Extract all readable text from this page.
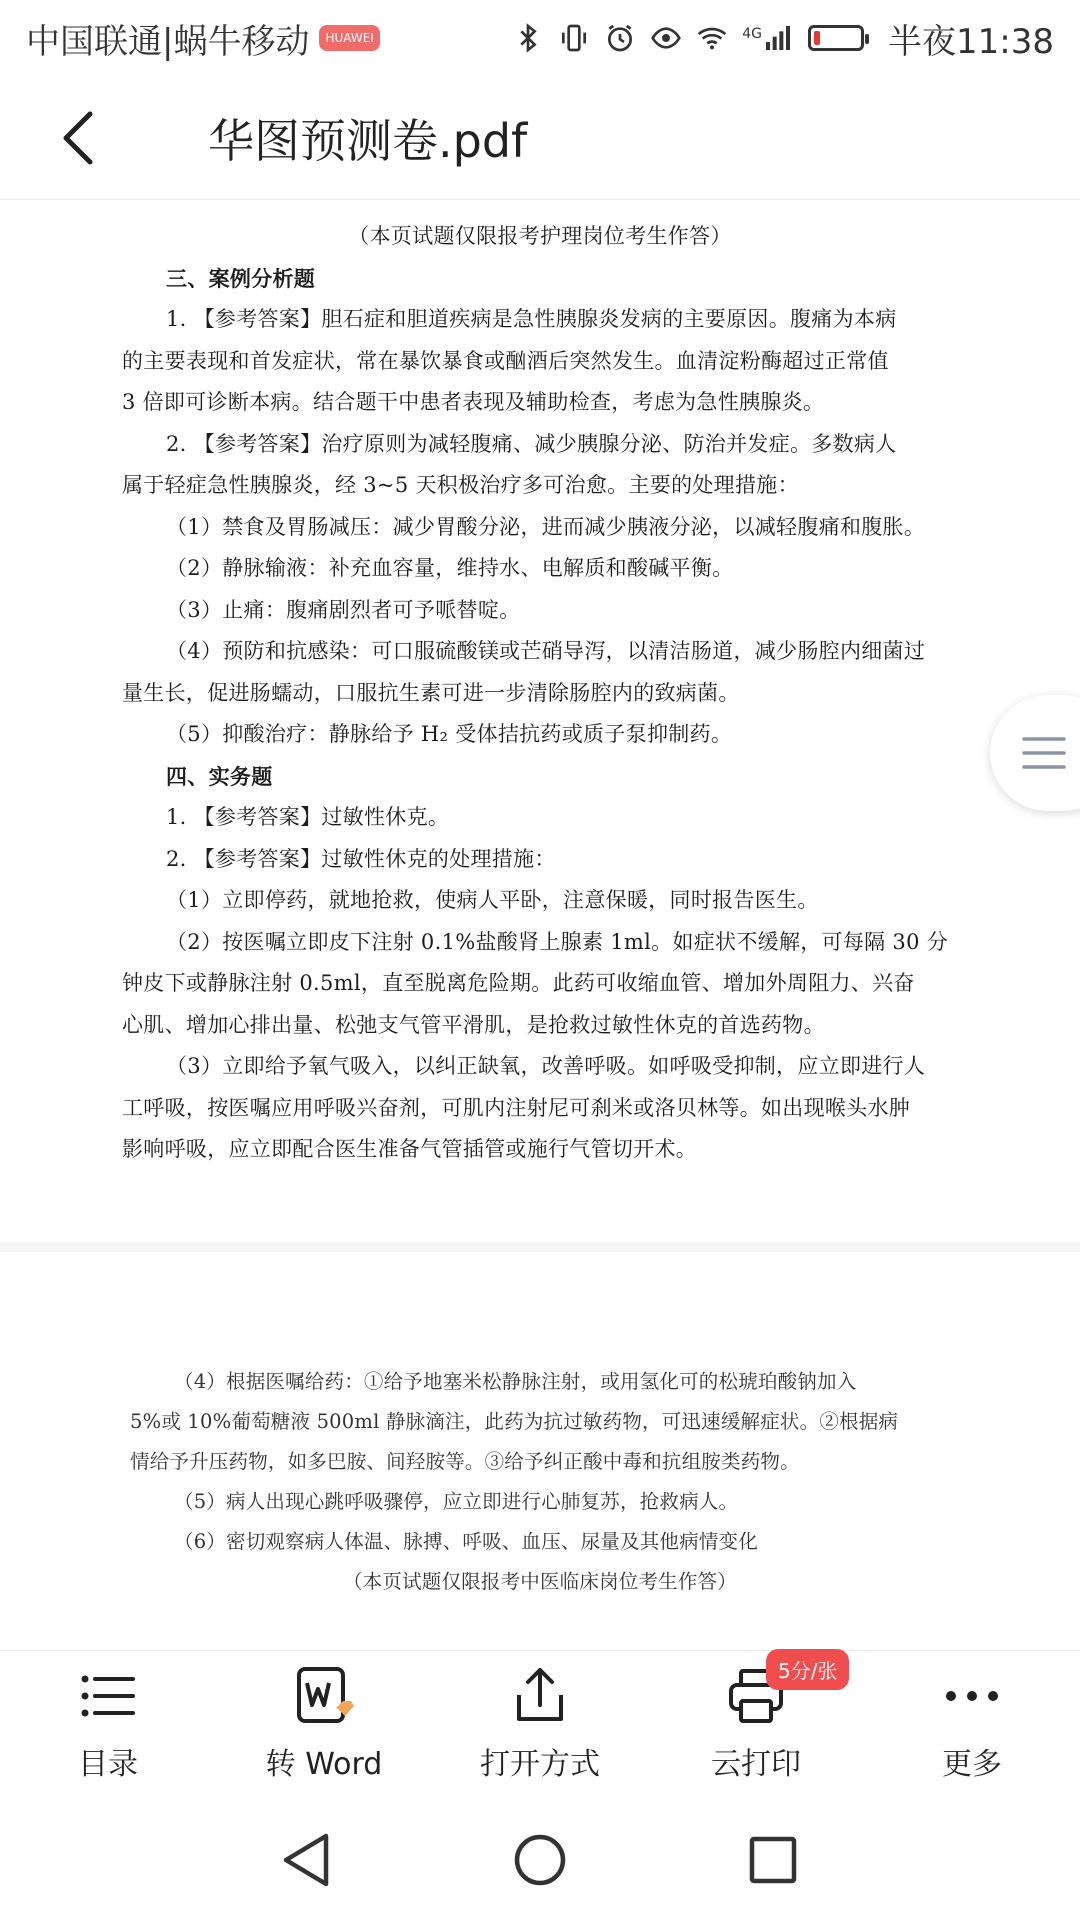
中国联通|蜗牛移动	HUAWEI	4G	半夜11:38
华图预测卷.pdf
（本页试题仅限报考护理岗位考生作答）
三、案例分析题
1. 【参考答案】胆石症和胆道疾病是急性胰腺炎发病的主要原因。腹痛为本病
的主要表现和首发症状，常在暴饮暴食或酗酒后突然发生。血清淀粉酶超过正常值
3 倍即可诊断本病。结合题干中患者表现及辅助检查，考虑为急性胰腺炎。
2. 【参考答案】治疗原则为减轻腹痛、减少胰腺分泌、防治并发症。多数病人
属于轻症急性胰腺炎，经 3~5 天积极治疗多可治愈。主要的处理措施：
（1）禁食及胃肠减压：减少胃酸分泌，进而减少胰液分泌，以减轻腹痛和腹胀。
（2）静脉输液：补充血容量，维持水、电解质和酸碱平衡。
（3）止痛：腹痛剧烈者可予哌替啶。
（4）预防和抗感染：可口服硫酸镁或芒硝导泻，以清洁肠道，减少肠腔内细菌过
量生长，促进肠蠕动，口服抗生素可进一步清除肠腔内的致病菌。
（5）抑酸治疗：静脉给予 H₂ 受体拮抗药或质子泵抑制药。
四、实务题
1. 【参考答案】过敏性休克。
2. 【参考答案】过敏性休克的处理措施：
（1）立即停药，就地抢救，使病人平卧，注意保暖，同时报告医生。
（2）按医嘱立即皮下注射 0.1%盐酸肾上腺素 1ml。如症状不缓解，可每隔 30 分
钟皮下或静脉注射 0.5ml，直至脱离危险期。此药可收缩血管、增加外周阻力、兴奋
心肌、增加心排出量、松弛支气管平滑肌，是抢救过敏性休克的首选药物。
（3）立即给予氧气吸入，以纠正缺氧，改善呼吸。如呼吸受抑制，应立即进行人
工呼吸，按医嘱应用呼吸兴奋剂，可肌内注射尼可刹米或洛贝林等。如出现喉头水肿
影响呼吸，应立即配合医生准备气管插管或施行气管切开术。
（4）根据医嘱给药：①给予地塞米松静脉注射，或用氢化可的松琥珀酸钠加入
5%或 10%葡萄糖液 500ml 静脉滴注，此药为抗过敏药物，可迅速缓解症状。②根据病
情给予升压药物，如多巴胺、间羟胺等。③给予纠正酸中毒和抗组胺类药物。
（5）病人出现心跳呼吸骤停，应立即进行心肺复苏，抢救病人。
（6）密切观察病人体温、脉搏、呼吸、血压、尿量及其他病情变化
（本页试题仅限报考中医临床岗位考生作答）
目录	转 Word	打开方式
5分/张
云打印	更多
